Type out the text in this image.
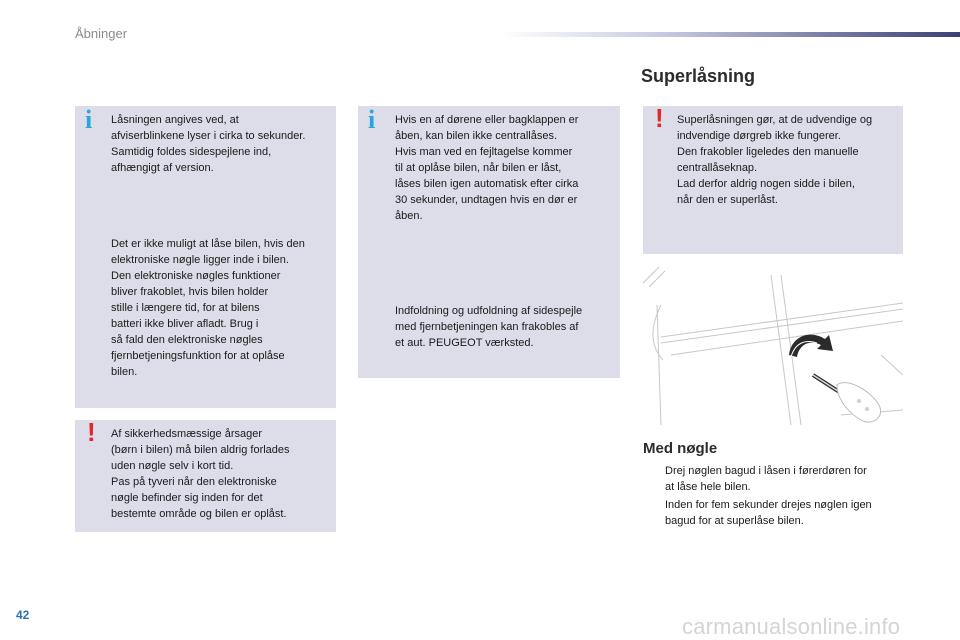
Åbninger
i Låsningen angives ved, at
afviserblinkene lyser i cirka to sekunder.
Samtidig foldes sidespejlene ind,
afhængigt af version.

Det er ikke muligt at låse bilen, hvis den
elektroniske nøgle ligger inde i bilen.
Den elektroniske nøgles funktioner
bliver frakoblet, hvis bilen holder
stille i længere tid, for at bilens
batteri ikke bliver afladt. Brug i
så fald den elektroniske nøgles
fjernbetjeningsfunktion for at oplåse
bilen.

! Af sikkerhedsmæssige årsager
(børn i bilen) må bilen aldrig forlades
uden nøgle selv i kort tid.
Pas på tyveri når den elektroniske
nøgle befinder sig inden for det
bestemte område og bilen er oplåst.

i Hvis en af dørene eller bagklappen er
åben, kan bilen ikke centrallåses.
Hvis man ved en fejltagelse kommer
til at oplåse bilen, når bilen er låst,
låses bilen igen automatisk efter cirka
30 sekunder, undtagen hvis en dør er
åben.

Indfoldning og udfoldning af sidespejle
med fjernbetjeningen kan frakobles af
et aut. PEUGEOT værksted.

Superlåsning
! Superlåsningen gør, at de udvendige og
indvendige dørgreb ikke fungerer.
Den frakobler ligeledes den manuelle
centrallåseknap.
Lad derfor aldrig nogen sidde i bilen,
når den er superlåst.

Med nøgle
Drej nøglen bagud i låsen i førerdøren for
at låse hele bilen.
Inden for fem sekunder drejes nøglen igen
bagud for at superlåse bilen.
42	carmanualsonline.info
